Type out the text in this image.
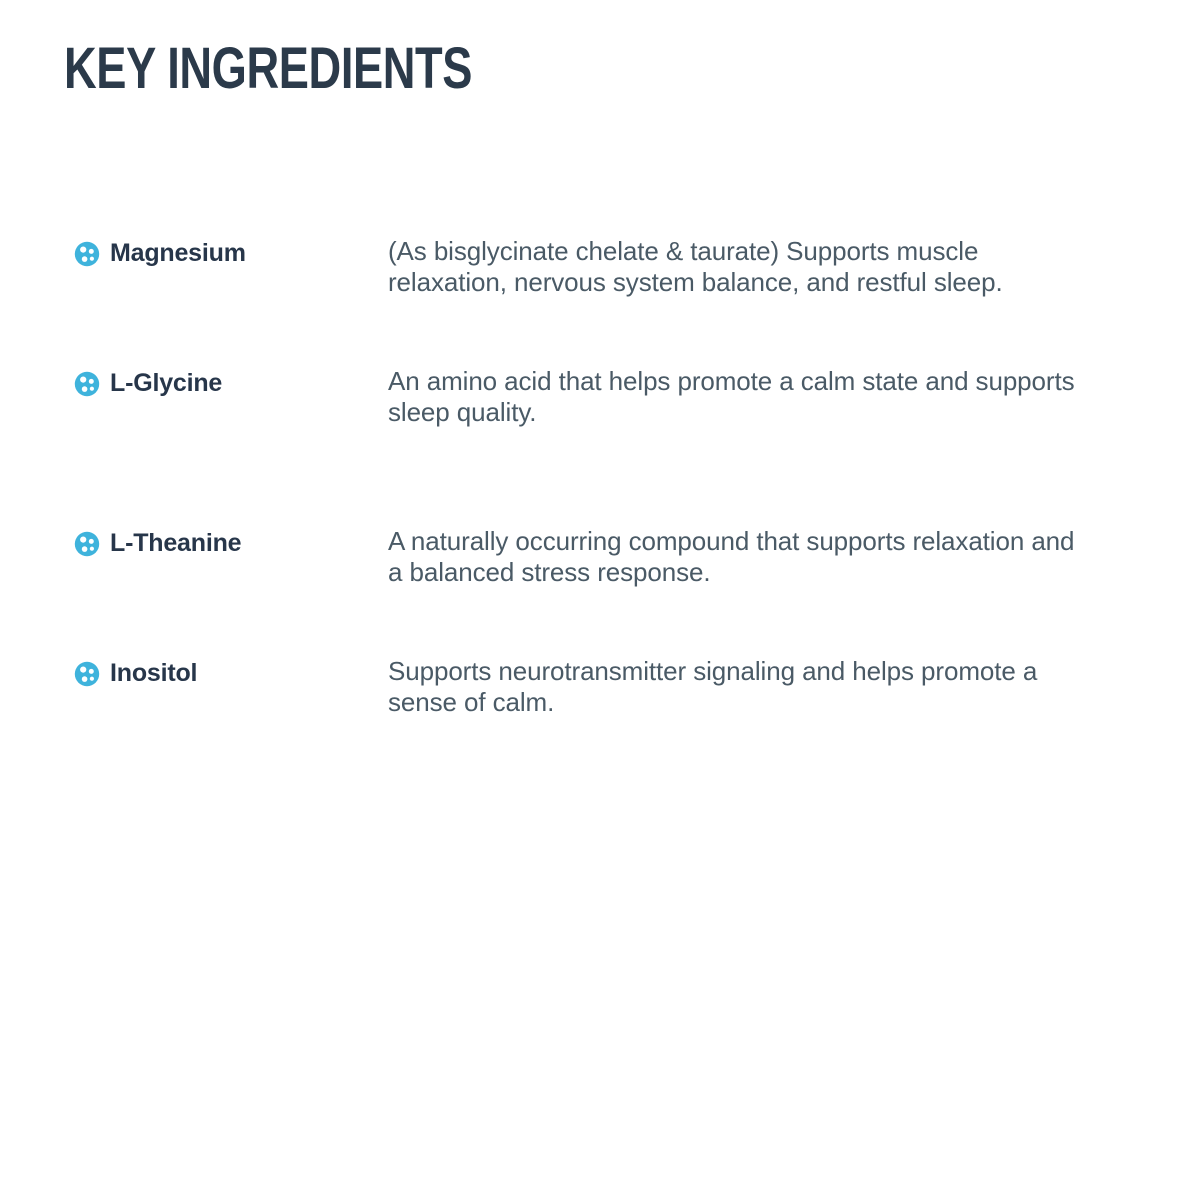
KEY INGREDIENTS
Magnesium	(As bisglycinate chelate & taurate) Supports muscle relaxation, nervous system balance, and restful sleep.
L-Glycine	An amino acid that helps promote a calm state and supports sleep quality.
L-Theanine	A naturally occurring compound that supports relaxation and a balanced stress response.
Inositol	Supports neurotransmitter signaling and helps promote a sense of calm.
